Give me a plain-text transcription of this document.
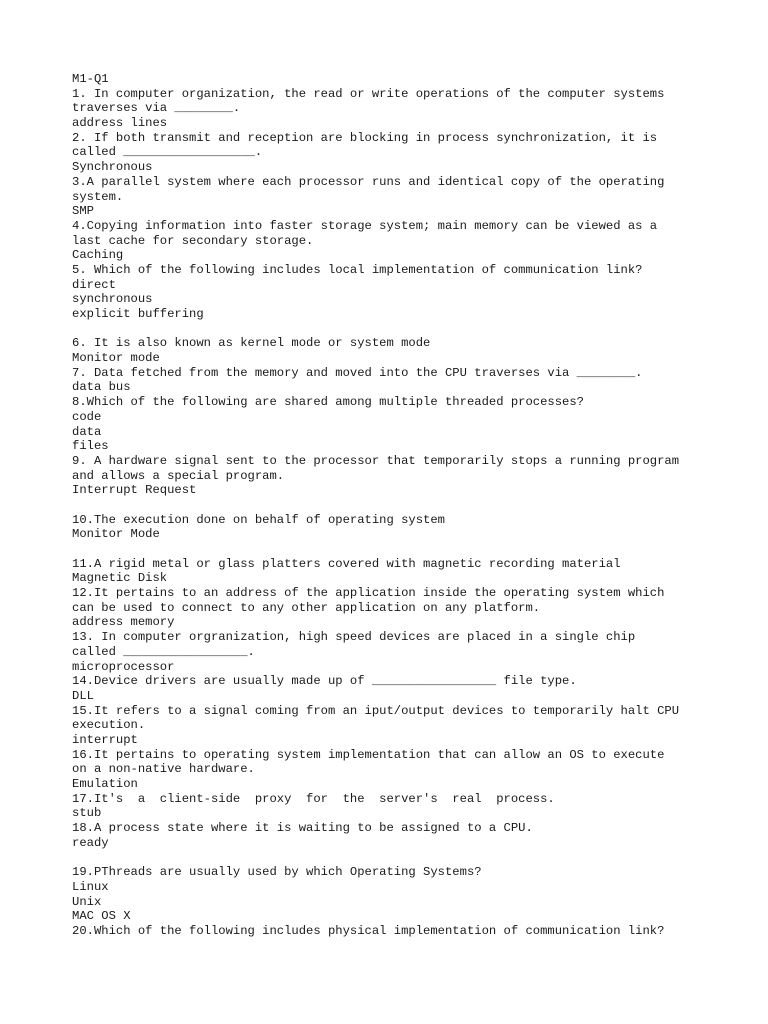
M1-Q1
1. In computer organization, the read or write operations of the computer systems
traverses via ________.
address lines
2. If both transmit and reception are blocking in process synchronization, it is
called __________________.
Synchronous
3.A parallel system where each processor runs and identical copy of the operating
system.
SMP
4.Copying information into faster storage system; main memory can be viewed as a
last cache for secondary storage.
Caching
5. Which of the following includes local implementation of communication link?
direct
synchronous
explicit buffering
6. It is also known as kernel mode or system mode
Monitor mode
7. Data fetched from the memory and moved into the CPU traverses via ________.
data bus
8.Which of the following are shared among multiple threaded processes?
code
data
files
9. A hardware signal sent to the processor that temporarily stops a running program
and allows a special program.
Interrupt Request
10.The execution done on behalf of operating system
Monitor Mode
11.A rigid metal or glass platters covered with magnetic recording material
Magnetic Disk
12.It pertains to an address of the application inside the operating system which
can be used to connect to any other application on any platform.
address memory
13. In computer orgranization, high speed devices are placed in a single chip
called _________________.
microprocessor
14.Device drivers are usually made up of _________________ file type.
DLL
15.It refers to a signal coming from an iput/output devices to temporarily halt CPU
execution.
interrupt
16.It pertains to operating system implementation that can allow an OS to execute
on a non-native hardware.
Emulation
17.It's  a  client-side  proxy  for  the  server's  real  process.
stub
18.A process state where it is waiting to be assigned to a CPU.
ready
19.PThreads are usually used by which Operating Systems?
Linux
Unix
MAC OS X
20.Which of the following includes physical implementation of communication link?
